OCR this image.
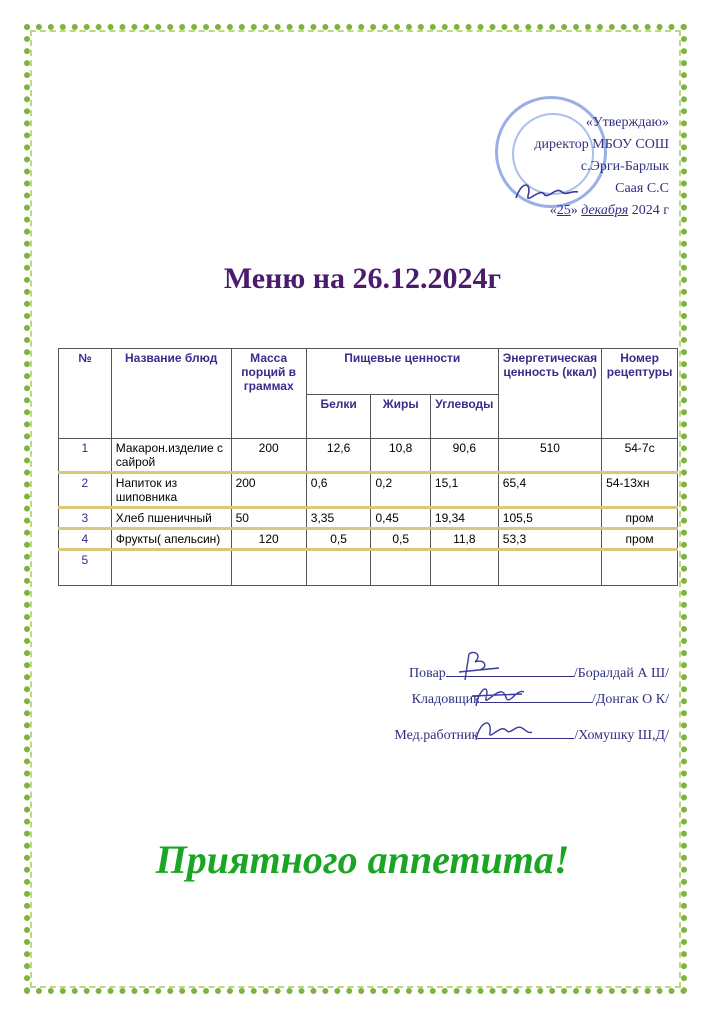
«Утверждаю»
директор МБОУ СОШ
с.Эрги-Барлык
Саая С.С
«25» декабря 2024 г
Меню на 26.12.2024г
№	Название блюд	Масса порций в граммах	Пищевые ценности			Энергетическая ценность (ккал)	Номер рецептуры
			Белки	Жиры	Углеводы		
1	Макарон.изделие с сайрой	200	12,6	10,8	90,6	510	54-7с
2	Напиток из шиповника	200	0,6	0,2	15,1	65,4	54-13хн
3	Хлеб пшеничный	50	3,35	0,45	19,34	105,5	пром
4	Фрукты( апельсин)	120	0,5	0,5	11,8	53,3	пром
5							
Повар	/Боралдай А Ш/
Кладовщик	/Донгак О К/
Мед.работник	/Хомушку Ш,Д/
Приятного аппетита!
